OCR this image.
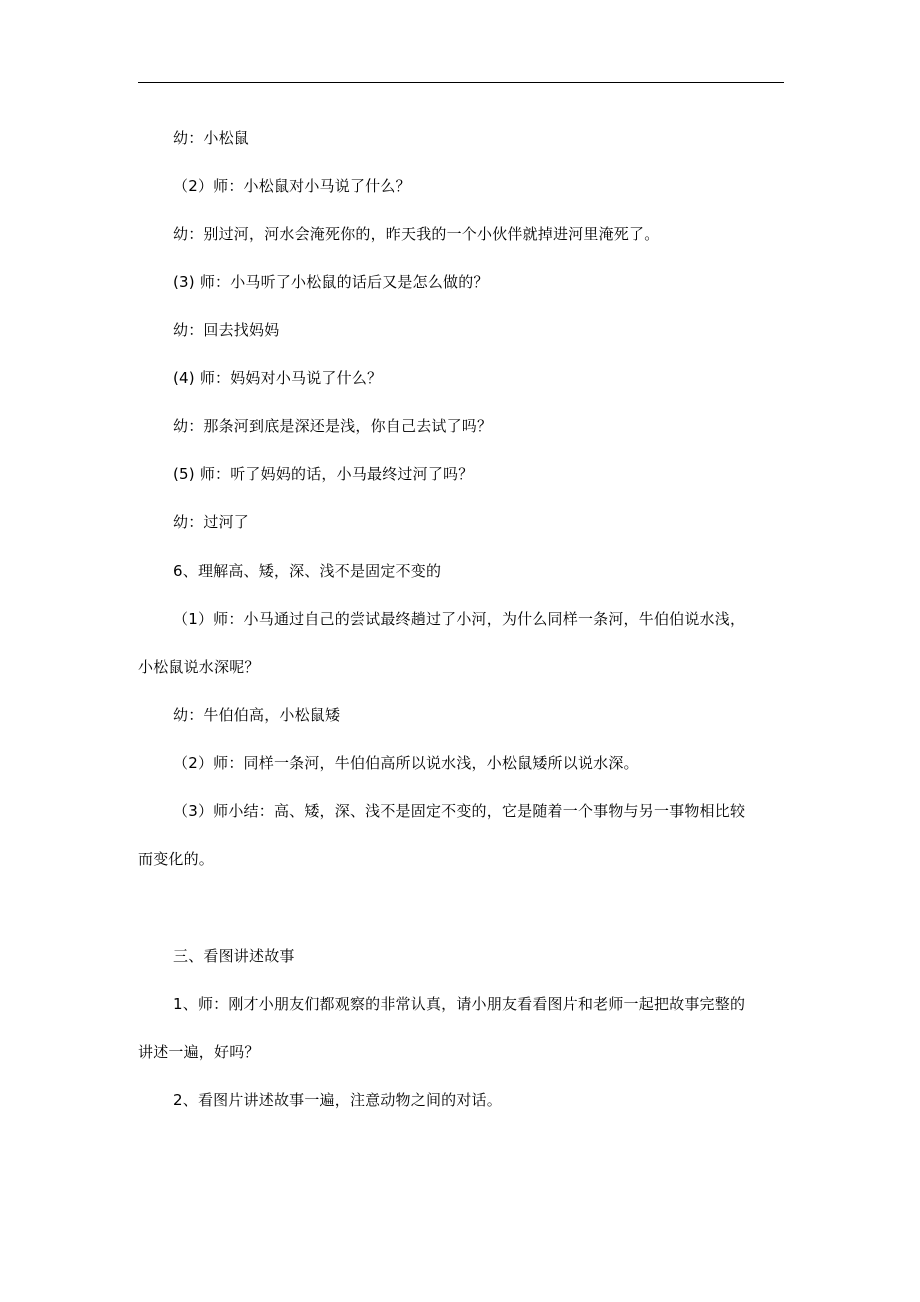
幼：小松鼠
（2）师：小松鼠对小马说了什么？
幼：别过河，河水会淹死你的，昨天我的一个小伙伴就掉进河里淹死了。
(3) 师：小马听了小松鼠的话后又是怎么做的？
幼：回去找妈妈
(4) 师：妈妈对小马说了什么？
幼：那条河到底是深还是浅，你自己去试了吗？
(5) 师：听了妈妈的话，小马最终过河了吗？
幼：过河了
6、理解高、矮，深、浅不是固定不变的
（1）师：小马通过自己的尝试最终趟过了小河，为什么同样一条河，牛伯伯说水浅，
小松鼠说水深呢？
幼：牛伯伯高，小松鼠矮
（2）师：同样一条河，牛伯伯高所以说水浅，小松鼠矮所以说水深。
（3）师小结：高、矮，深、浅不是固定不变的，它是随着一个事物与另一事物相比较
而变化的。
三、看图讲述故事
1、师：刚才小朋友们都观察的非常认真，请小朋友看看图片和老师一起把故事完整的
讲述一遍，好吗？
2、看图片讲述故事一遍，注意动物之间的对话。
